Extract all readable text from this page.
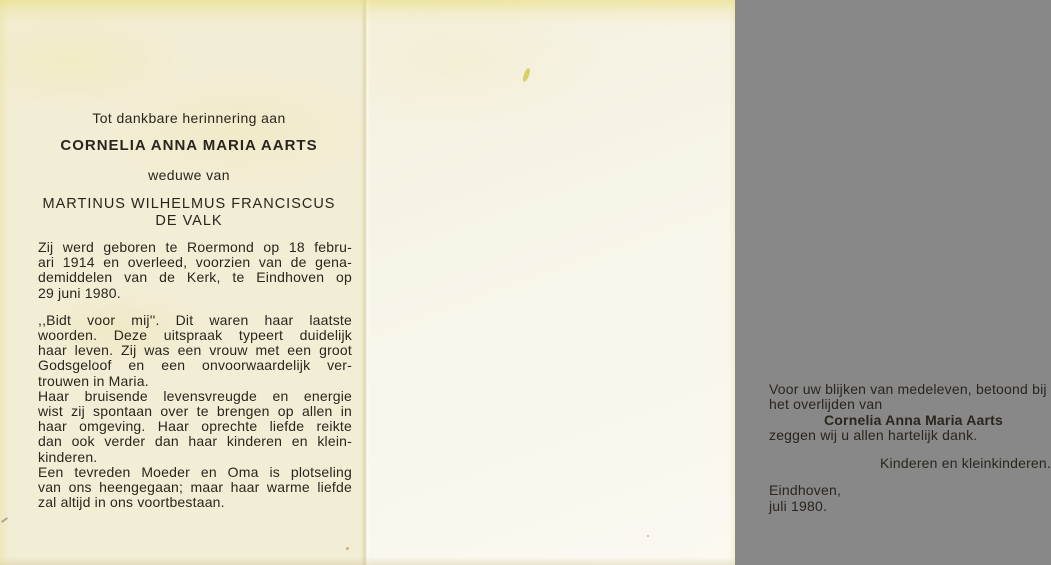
Tot dankbare herinnering aan
CORNELIA ANNA MARIA AARTS
weduwe van
MARTINUS WILHELMUS FRANCISCUS
DE VALK
Zij werd geboren te Roermond op 18 febru-
ari 1914 en overleed, voorzien van de gena-
demiddelen van de Kerk, te Eindhoven op
29 juni 1980.
,,Bidt voor mij''. Dit waren haar laatste
woorden. Deze uitspraak typeert duidelijk
haar leven. Zij was een vrouw met een groot
Godsgeloof en een onvoorwaardelijk ver-
trouwen in Maria.
Haar bruisende levensvreugde en energie
wist zij spontaan over te brengen op allen in
haar omgeving. Haar oprechte liefde reikte
dan ook verder dan haar kinderen en klein-
kinderen.
Een tevreden Moeder en Oma is plotseling
van ons heengegaan; maar haar warme liefde
zal altijd in ons voortbestaan.
Voor uw blijken van medeleven, betoond bij
het overlijden van
Cornelia Anna Maria Aarts
zeggen wij u allen hartelijk dank.
Kinderen en kleinkinderen.
Eindhoven, juli 1980.
